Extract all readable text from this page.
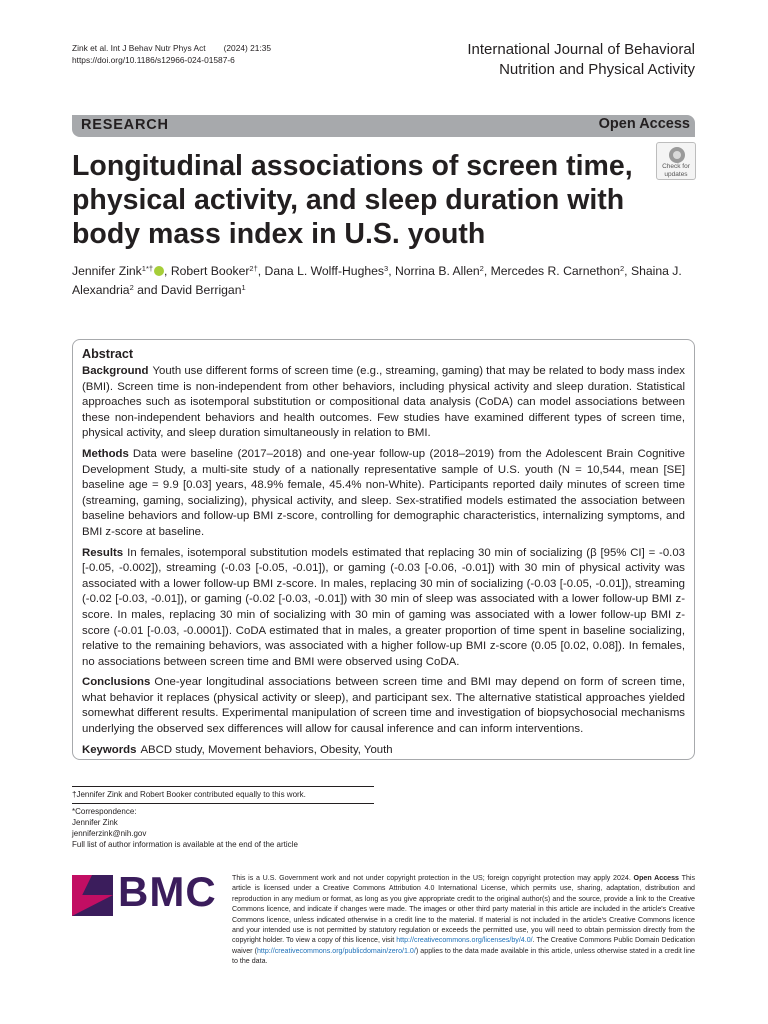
Zink et al. Int J Behav Nutr Phys Act (2024) 21:35
https://doi.org/10.1186/s12966-024-01587-6
International Journal of Behavioral
Nutrition and Physical Activity
RESEARCH	Open Access
Longitudinal associations of screen time, physical activity, and sleep duration with body mass index in U.S. youth
Check for updates
Jennifer Zink$^{1*\dagger}$ , Robert Booker$^{2\dagger}$, Dana L. Wolff-Hughes$^3$, Norrina B. Allen$^2$, Mercedes R. Carnethon$^2$, Shaina J. Alexandria$^2$ and David Berrigan$^1$
Abstract

Background Youth use different forms of screen time (e.g., streaming, gaming) that may be related to body mass index (BMI). Screen time is non-independent from other behaviors, including physical activity and sleep duration. Statistical approaches such as isotemporal substitution or compositional data analysis (CoDA) can model associations between these non-independent behaviors and health outcomes. Few studies have examined different types of screen time, physical activity, and sleep duration simultaneously in relation to BMI.

Methods Data were baseline (2017–2018) and one-year follow-up (2018–2019) from the Adolescent Brain Cognitive Development Study, a multi-site study of a nationally representative sample of U.S. youth (N = 10,544, mean [SE] baseline age = 9.9 [0.03] years, 48.9% female, 45.4% non-White). Participants reported daily minutes of screen time (streaming, gaming, socializing), physical activity, and sleep. Sex-stratified models estimated the association between baseline behaviors and follow-up BMI z-score, controlling for demographic characteristics, internalizing symptoms, and BMI z-score at baseline.

Results In females, isotemporal substitution models estimated that replacing 30 min of socializing (β [95% CI] = -0.03 [-0.05, -0.002]), streaming (-0.03 [-0.05, -0.01]), or gaming (-0.03 [-0.06, -0.01]) with 30 min of physical activity was associated with a lower follow-up BMI z-score. In males, replacing 30 min of socializing (-0.03 [-0.05, -0.01]), streaming (-0.02 [-0.03, -0.01]), or gaming (-0.02 [-0.03, -0.01]) with 30 min of sleep was associated with a lower follow-up BMI z-score. In males, replacing 30 min of socializing with 30 min of gaming was associated with a lower follow-up BMI z-score (-0.01 [-0.03, -0.0001]). CoDA estimated that in males, a greater proportion of time spent in baseline socializing, relative to the remaining behaviors, was associated with a higher follow-up BMI z-score (0.05 [0.02, 0.08]). In females, no associations between screen time and BMI were observed using CoDA.

Conclusions One-year longitudinal associations between screen time and BMI may depend on form of screen time, what behavior it replaces (physical activity or sleep), and participant sex. The alternative statistical approaches yielded somewhat different results. Experimental manipulation of screen time and investigation of biopsychosocial mechanisms underlying the observed sex differences will allow for causal inference and can inform interventions.

Keywords ABCD study, Movement behaviors, Obesity, Youth

†Jennifer Zink and Robert Booker contributed equally to this work.
*Correspondence:
Jennifer Zink
jenniferzink@nih.gov
Full list of author information is available at the end of the article
BMC This is a U.S. Government work and not under copyright protection in the US; foreign copyright protection may apply 2024. Open Access This article is licensed under a Creative Commons Attribution 4.0 International License, which permits use, sharing, adaptation, distribution and reproduction in any medium or format, as long as you give appropriate credit to the original author(s) and the source, provide a link to the Creative Commons licence, and indicate if changes were made. The images or other third party material in this article are included in the article's Creative Commons licence, unless indicated otherwise in a credit line to the material. If material is not included in the article's Creative Commons licence and your intended use is not permitted by statutory regulation or exceeds the permitted use, you will need to obtain permission directly from the copyright holder. To view a copy of this licence, visit http://creativecommons.org/licenses/by/4.0/. The Creative Commons Public Domain Dedication waiver (http://creativecommons.org/publicdomain/zero/1.0/) applies to the data made available in this article, unless otherwise stated in a credit line to the data.
